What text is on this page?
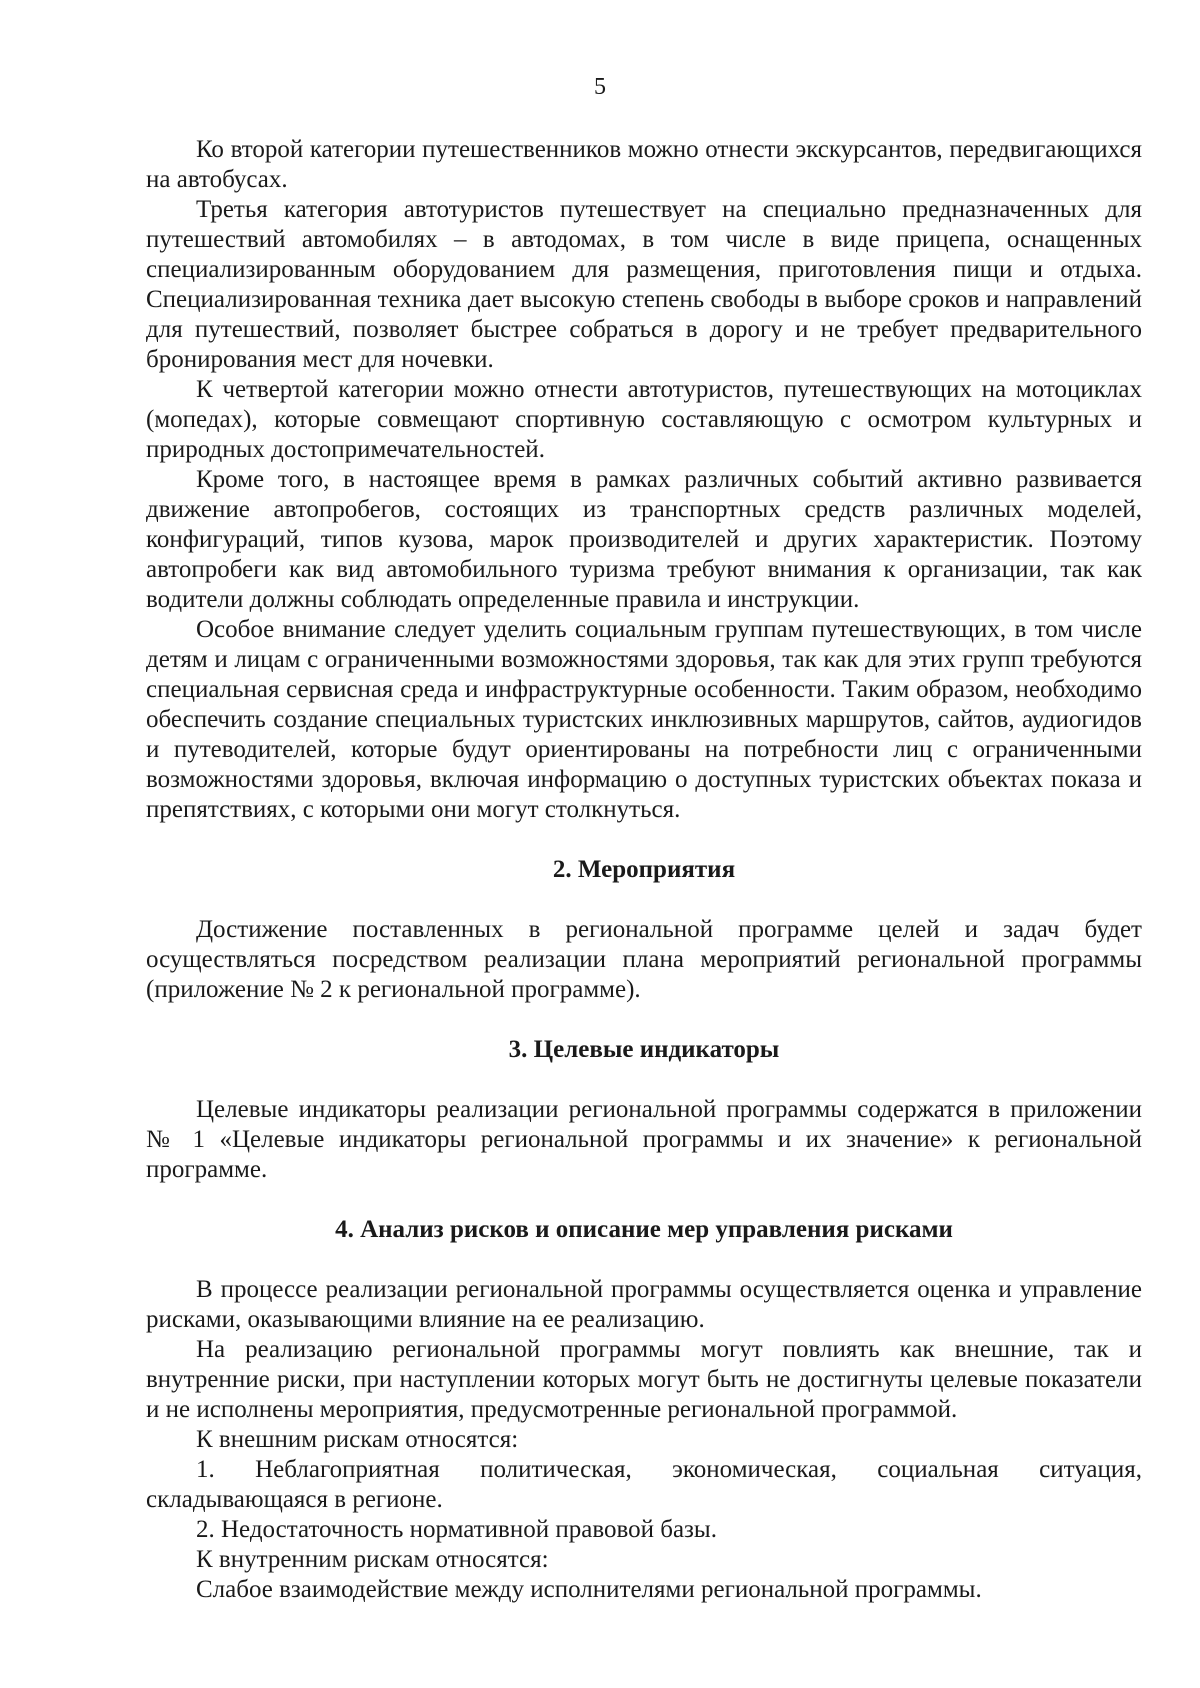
5

Ко второй категории путешественников можно отнести экскурсантов, передвигающихся на автобусах.

Третья категория автотуристов путешествует на специально предназначенных для путешествий автомобилях – в автодомах, в том числе в виде прицепа, оснащенных специализированным оборудованием для размещения, приготовления пищи и отдыха. Специализированная техника дает высокую степень свободы в выборе сроков и направлений для путешествий, позволяет быстрее собраться в дорогу и не требует предварительного бронирования мест для ночевки.

К четвертой категории можно отнести автотуристов, путешествующих на мотоциклах (мопедах), которые совмещают спортивную составляющую с осмотром культурных и природных достопримечательностей.

Кроме того, в настоящее время в рамках различных событий активно развивается движение автопробегов, состоящих из транспортных средств различных моделей, конфигураций, типов кузова, марок производителей и других характеристик. Поэтому автопробеги как вид автомобильного туризма требуют внимания к организации, так как водители должны соблюдать определенные правила и инструкции.

Особое внимание следует уделить социальным группам путешествующих, в том числе детям и лицам с ограниченными возможностями здоровья, так как для этих групп требуются специальная сервисная среда и инфраструктурные особенности. Таким образом, необходимо обеспечить создание специальных туристских инклюзивных маршрутов, сайтов, аудиогидов и путеводителей, которые будут ориентированы на потребности лиц с ограниченными возможностями здоровья, включая информацию о доступных туристских объектах показа и препятствиях, с которыми они могут столкнуться.

2. Мероприятия

Достижение поставленных в региональной программе целей и задач будет осуществляться посредством реализации плана мероприятий региональной программы (приложение № 2 к региональной программе).

3. Целевые индикаторы

Целевые индикаторы реализации региональной программы содержатся в приложении № 1 «Целевые индикаторы региональной программы и их значение» к региональной программе.

4. Анализ рисков и описание мер управления рисками

В процессе реализации региональной программы осуществляется оценка и управление рисками, оказывающими влияние на ее реализацию.

На реализацию региональной программы могут повлиять как внешние, так и внутренние риски, при наступлении которых могут быть не достигнуты целевые показатели и не исполнены мероприятия, предусмотренные региональной программой.

К внешним рискам относятся:

1. Неблагоприятная политическая, экономическая, социальная ситуация, складывающаяся в регионе.

2. Недостаточность нормативной правовой базы.

К внутренним рискам относятся:

Слабое взаимодействие между исполнителями региональной программы.
